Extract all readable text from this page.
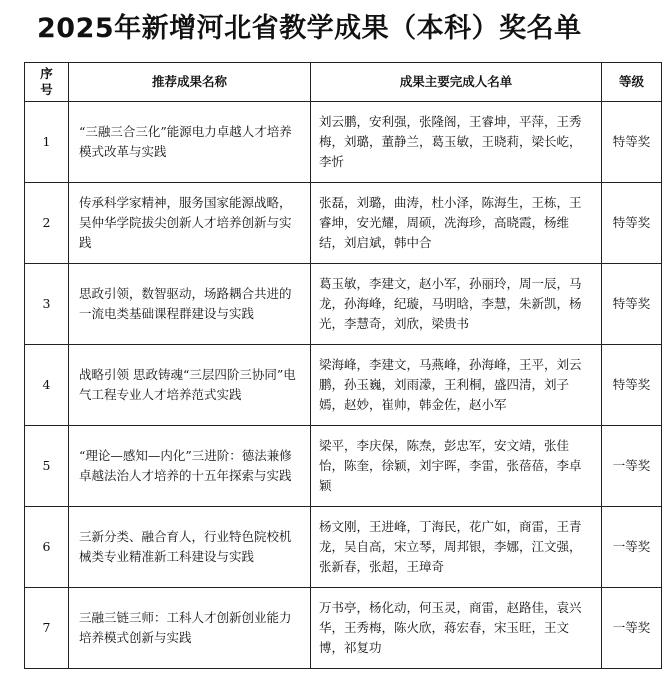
2025年新增河北省教学成果（本科）奖名单
序号	推荐成果名称	成果主要完成人名单	等级
1	“三融三合三化”能源电力卓越人才培养模式改革与实践	刘云鹏，安利强，张隆阁，王睿坤，平萍，王秀梅，刘璐，董静兰，葛玉敏，王晓莉，梁长屹，李忻	特等奖
2	传承科学家精神，服务国家能源战略，吴仲华学院拔尖创新人才培养创新与实践	张磊，刘璐，曲涛，杜小泽，陈海生，王栋，王睿坤，安光耀，周硕，冼海珍，高晓霞，杨维结，刘启斌，韩中合	特等奖
3	思政引领，数智驱动，场路耦合共进的一流电类基础课程群建设与实践	葛玉敏，李建文，赵小军，孙丽玲，周一辰，马龙，孙海峰，纪璇，马明晗，李慧，朱新凯，杨光，李慧奇，刘欣，梁贵书	特等奖
4	战略引领 思政铸魂“三层四阶三协同”电气工程专业人才培养范式实践	梁海峰，李建文，马燕峰，孙海峰，王平，刘云鹏，孙玉巍，刘雨濛，王利桐，盛四清，刘子嫣，赵妙，崔帅，韩金佐，赵小军	特等奖
5	“理论—感知—内化”三进阶：德法兼修卓越法治人才培养的十五年探索与实践	梁平，李庆保，陈焘，彭忠军，安文靖，张佳怡，陈奎，徐颖，刘宇晖，李雷，张蓓蓓，李卓颖	一等奖
6	三新分类、融合育人，行业特色院校机械类专业精准新工科建设与实践	杨文刚，王进峰，丁海民，花广如，商雷，王青龙，吴自高，宋立琴，周邦银，李娜，江文强，张新春，张超，王璋奇	一等奖
7	三融三链三师：工科人才创新创业能力培养模式创新与实践	万书亭，杨化动，何玉灵，商雷，赵路佳，袁兴华，王秀梅，陈火欣，蒋宏春，宋玉旺，王文博，祁复功	一等奖
